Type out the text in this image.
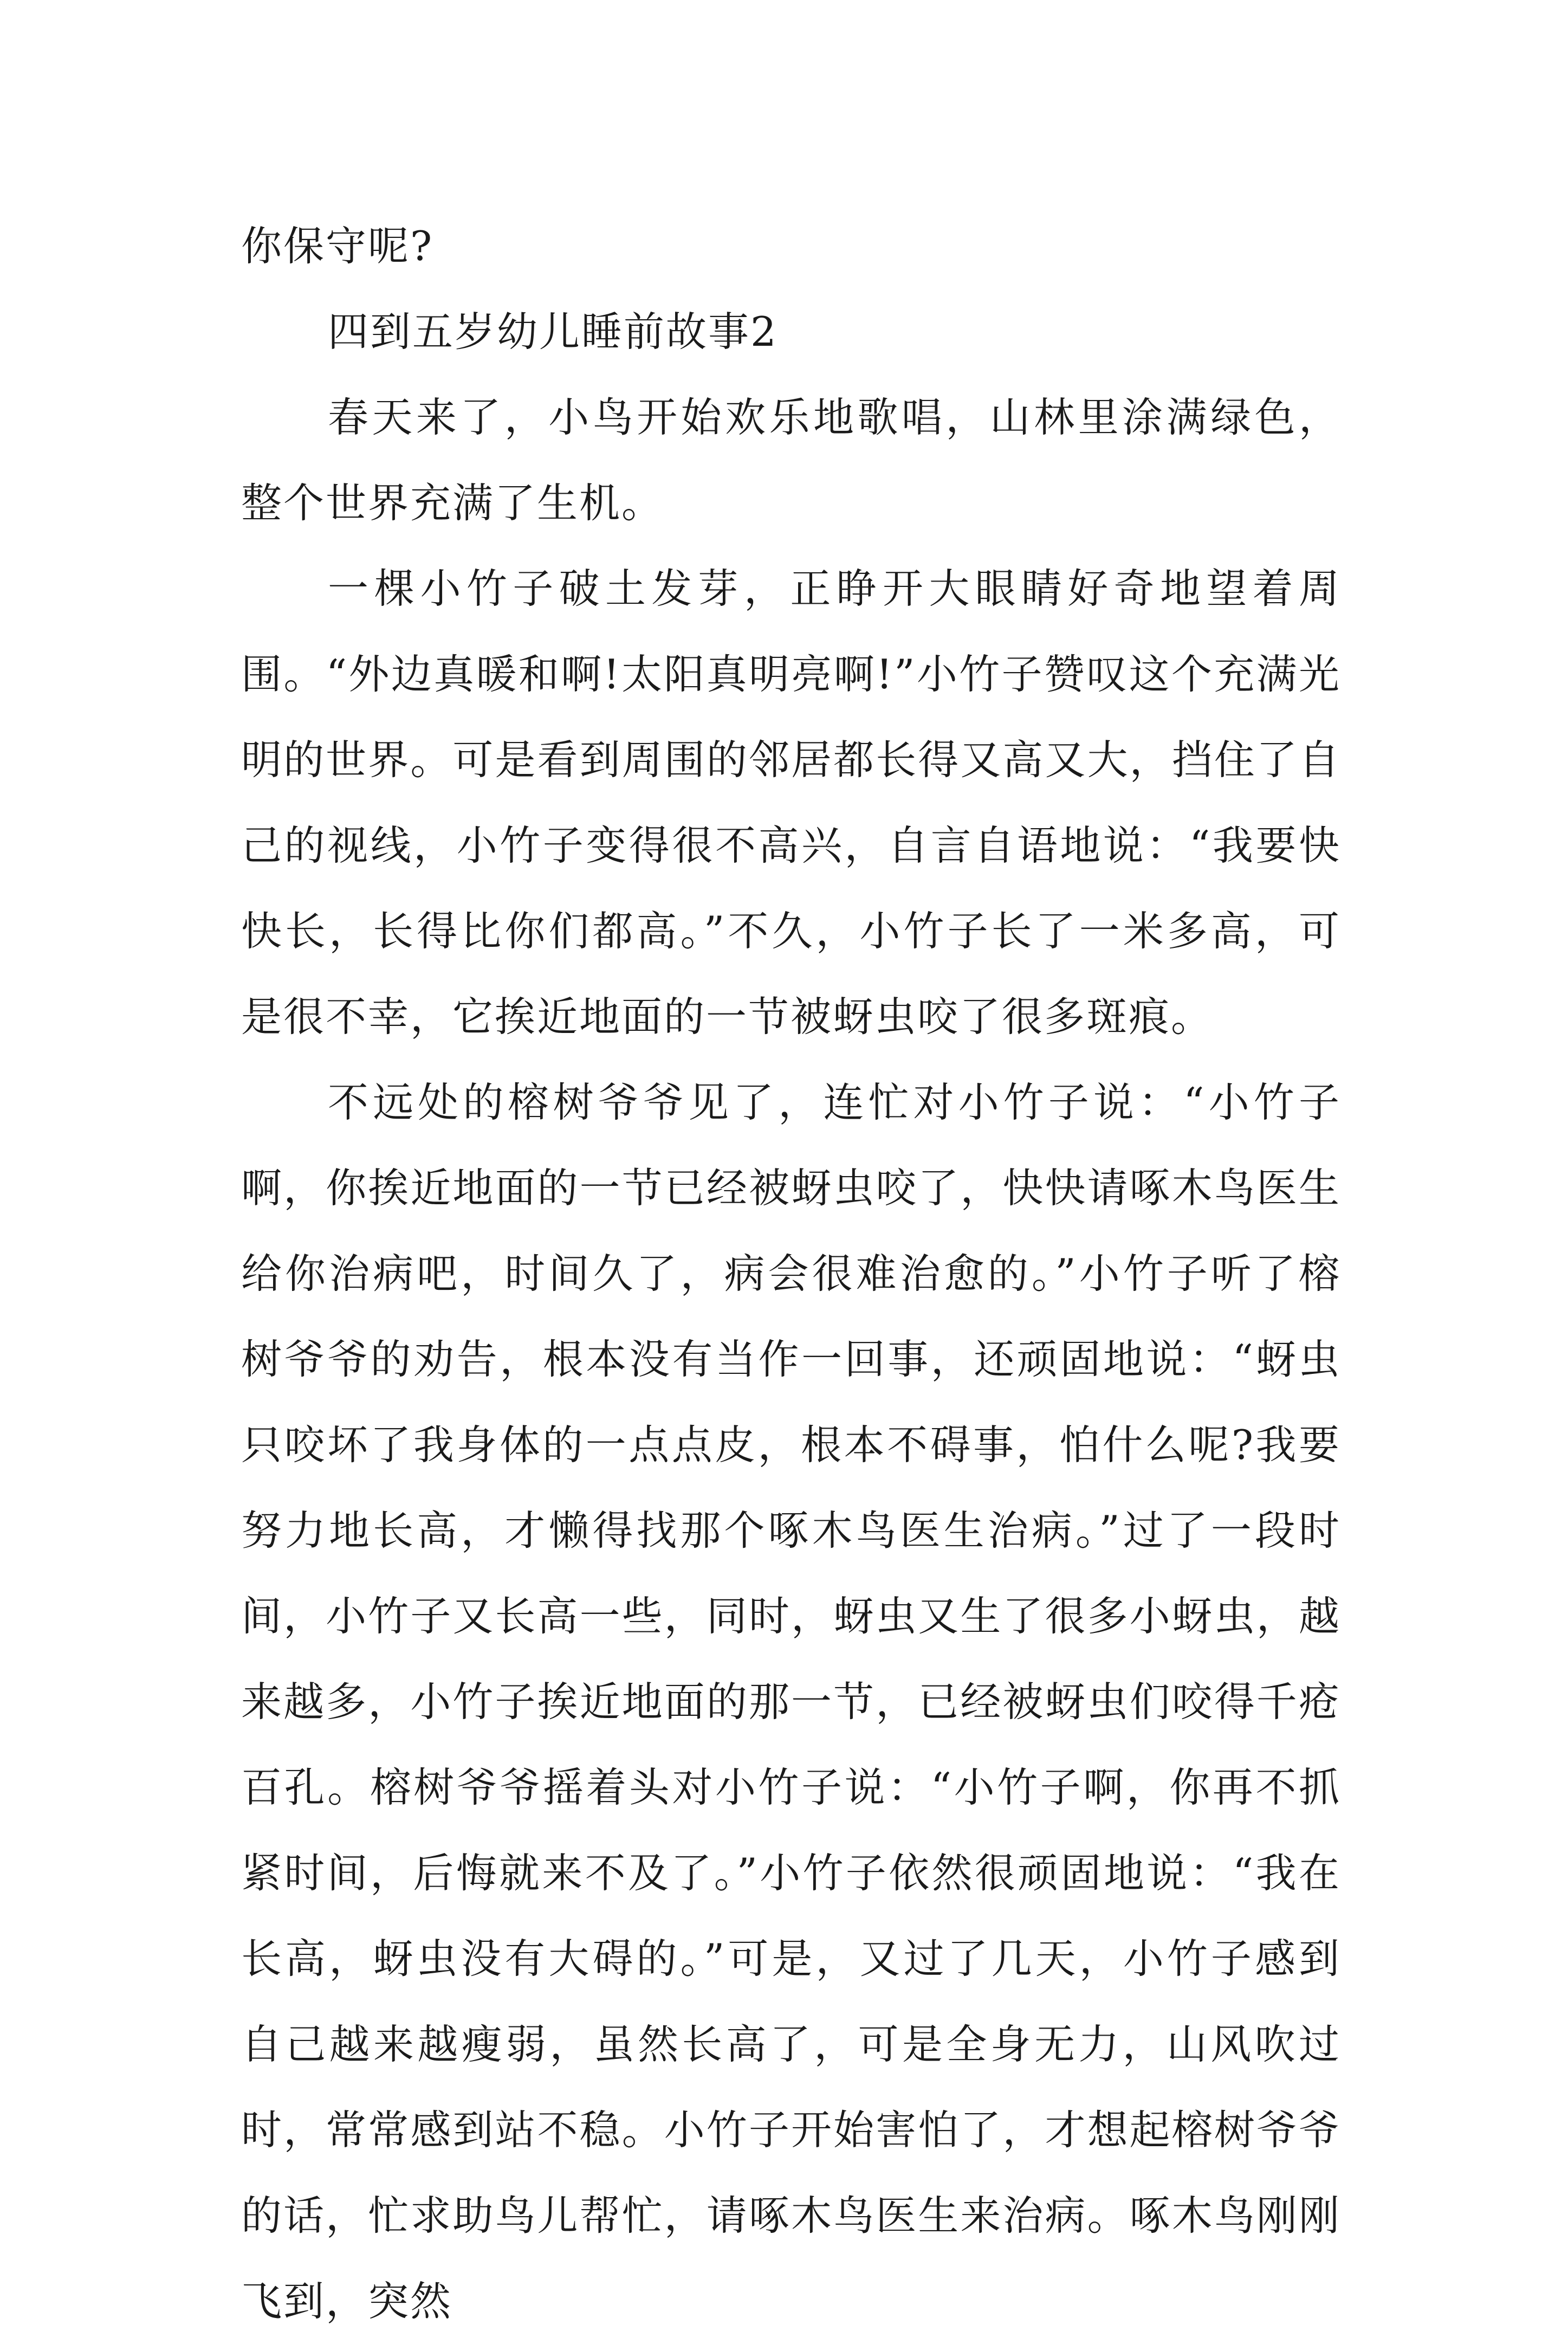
你保守呢?

四到五岁幼儿睡前故事2

春天来了，小鸟开始欢乐地歌唱，山林里涂满绿色，整个世界充满了生机。

一棵小竹子破土发芽，正睁开大眼睛好奇地望着周围。“外边真暖和啊!太阳真明亮啊!”小竹子赞叹这个充满光明的世界。可是看到周围的邻居都长得又高又大，挡住了自己的视线，小竹子变得很不高兴，自言自语地说：“我要快快长，长得比你们都高。”不久，小竹子长了一米多高，可是很不幸，它挨近地面的一节被蚜虫咬了很多斑痕。

不远处的榕树爷爷见了，连忙对小竹子说：“小竹子啊，你挨近地面的一节已经被蚜虫咬了，快快请啄木鸟医生给你治病吧，时间久了，病会很难治愈的。”小竹子听了榕树爷爷的劝告，根本没有当作一回事，还顽固地说：“蚜虫只咬坏了我身体的一点点皮，根本不碍事，怕什么呢?我要努力地长高，才懒得找那个啄木鸟医生治病。”过了一段时间，小竹子又长高一些，同时，蚜虫又生了很多小蚜虫，越来越多，小竹子挨近地面的那一节，已经被蚜虫们咬得千疮百孔。榕树爷爷摇着头对小竹子说：“小竹子啊，你再不抓紧时间，后悔就来不及了。”小竹子依然很顽固地说：“我在长高，蚜虫没有大碍的。”可是，又过了几天，小竹子感到自己越来越瘦弱，虽然长高了，可是全身无力，山风吹过时，常常感到站不稳。小竹子开始害怕了，才想起榕树爷爷的话，忙求助鸟儿帮忙，请啄木鸟医生来治病。啄木鸟刚刚飞到，突然
